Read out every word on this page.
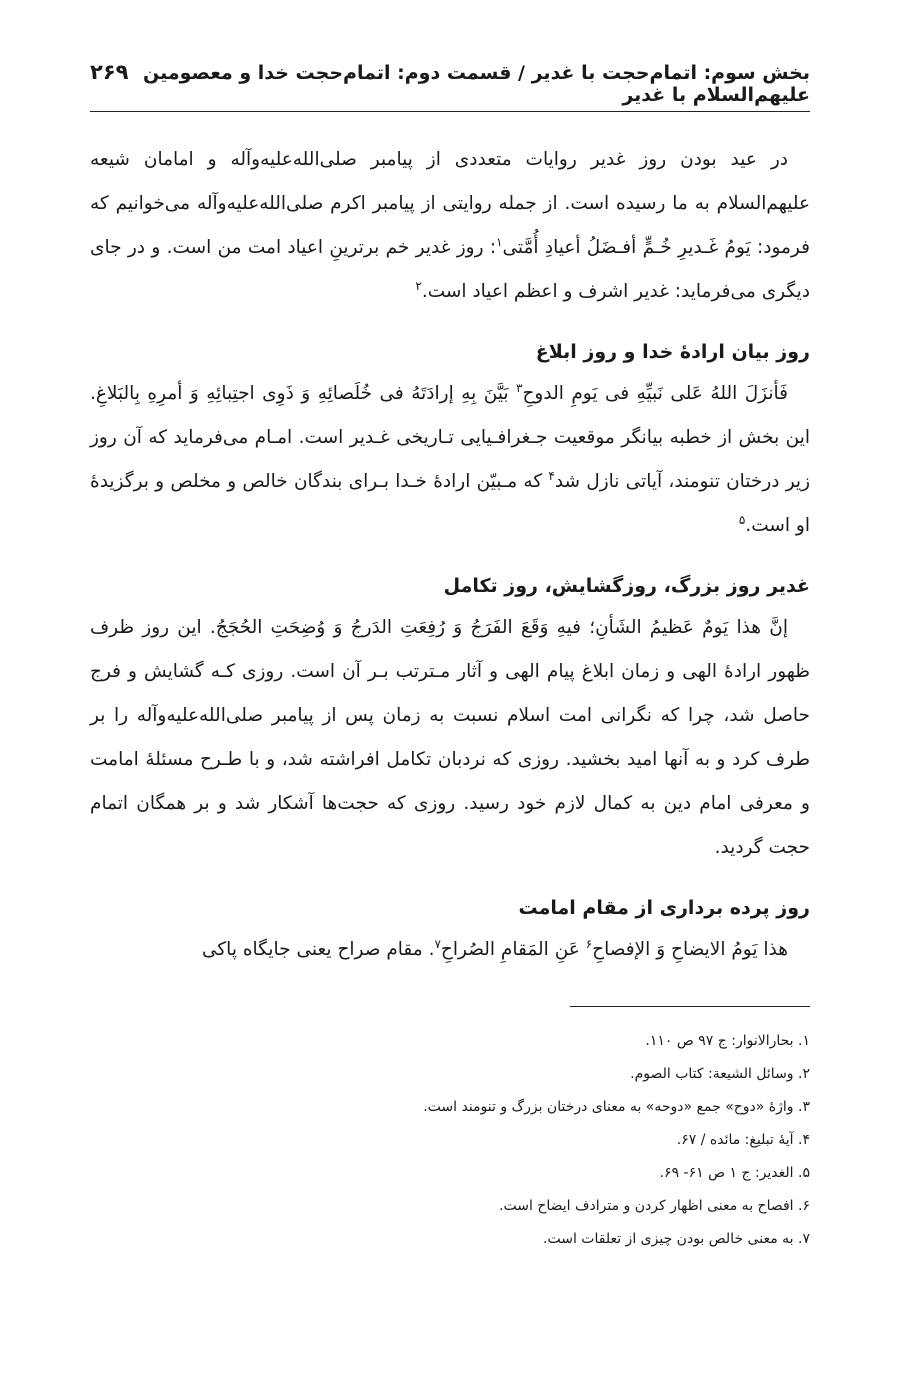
بخش سوم: اتمام‌حجت با غدیر / قسمت دوم: اتمام‌حجت خدا و معصومین علیهم‌السلام با غدیر
۲۶۹

در عید بودن روز غدیر روایات متعددی از پیامبر صلی‌الله‌علیه‌وآله و امامان شیعه علیهم‌السلام به ما رسیده است. از جمله روایتی از پیامبر اکرم صلی‌الله‌علیه‌وآله می‌خوانیم که فرمود: یَومُ غَـدیرِ خُـمٍّ أفـضَلُ أعیادِ أُمَّتی$^۱$: روز غدیر خم برترینِ اعیاد امت من است. و در جای دیگری می‌فرماید: غدیر اشرف و اعظم اعیاد است.$^۲$

روز بیان ارادهٔ خدا و روز ابلاغ

فَأنزَلَ اللهُ عَلی نَبیِّهِ فی یَومِ الدوحِ$^۳$ بَیَّنَ بِهِ إرادَتَهُ فی خُلَصائِهِ وَ ذَوِی اجتِبائِهِ وَ أمرِهِ بِالبَلاغِ. این بخش از خطبه بیانگر موقعیت جـغرافـیایی تـاریخی غـدیر است. امـام می‌فرماید که آن روز زیر درختان تنومند، آیاتی نازل شد$^۴$ که مـبیّن ارادهٔ خـدا بـرای بندگان خالص و مخلص و برگزیدهٔ او است.$^۵$

غدیر روز بزرگ، روزگشایش، روز تکامل

إنَّ هذا یَومٌ عَظیمُ الشَأنِ؛ فیهِ وَقَعَ الفَرَجُ وَ رُفِعَتِ الدَرجُ وَ وُضِحَتِ الحُجَجُ. این روز ظرف ظهور ارادهٔ الهی و زمان ابلاغ پیام الهی و آثار مـترتب بـر آن است. روزی کـه گشایش و فرج حاصل شد، چرا که نگرانی امت اسلام نسبت به زمان پس از پیامبر صلی‌الله‌علیه‌وآله را بر طرف کرد و به آنها امید بخشید. روزی که نردبان تکامل افراشته شد، و با طـرح مسئلهٔ امامت و معرفی امام دین به کمال لازم خود رسید. روزی که حجت‌ها آشکار شد و بر همگان اتمام حجت گردید.

روز پرده برداری از مقام امامت

هذا یَومُ الایضاحِ وَ الإفصاحِ$^۶$ عَنِ المَقامِ الصُراحِ$^۷$. مقام صراح یعنی جایگاه پاکی

۱. بحارالانوار: ج ۹۷ ص ۱۱۰.
۲. وسائل الشیعة: کتاب الصوم.
۳. واژهٔ «دوح» جمع «دوحه» به معنای درختان بزرگ و تنومند است.
۴. آیهٔ تبلیغ: مائده / ۶۷.
۵. الغدیر: ج ۱ ص ۶۱- ۶۹.
۶. افصاح به معنی اظهار کردن و مترادف ایضاح است.
۷. به معنی خالص بودن چیزی از تعلقات است.
